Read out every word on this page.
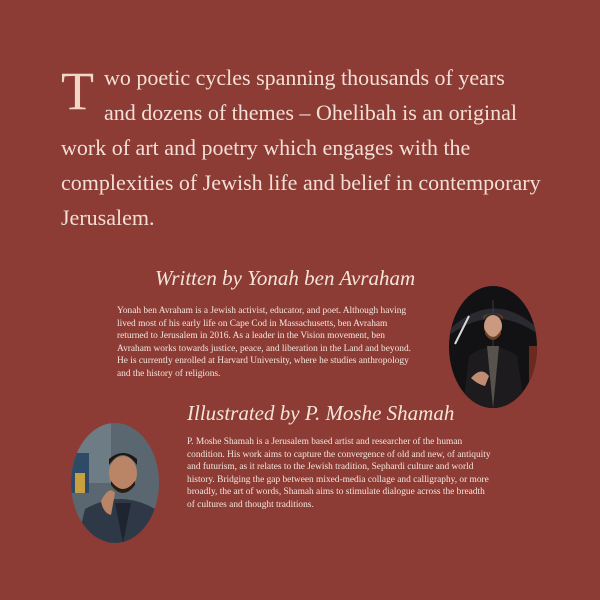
T wo poetic cycles spanning thousands of years and dozens of themes – Ohelibah is an original work of art and poetry which engages with the complexities of Jewish life and belief in contemporary Jerusalem.
Written by Yonah ben Avraham
Yonah ben Avraham is a Jewish activist, educator, and poet. Although having lived most of his early life on Cape Cod in Massachusetts, ben Avraham returned to Jerusalem in 2016. As a leader in the Vision movement, ben Avraham works towards justice, peace, and liberation in the Land and beyond. He is currently enrolled at Harvard University, where he studies anthropology and the history of religions.
Illustrated by P. Moshe Shamah
P. Moshe Shamah is a Jerusalem based artist and researcher of the human condition. His work aims to capture the convergence of old and new, of antiquity and futurism, as it relates to the Jewish tradition, Sephardi culture and world history. Bridging the gap between mixed-media collage and calligraphy, or more broadly, the art of words, Shamah aims to stimulate dialogue across the breadth of cultures and thought traditions.
